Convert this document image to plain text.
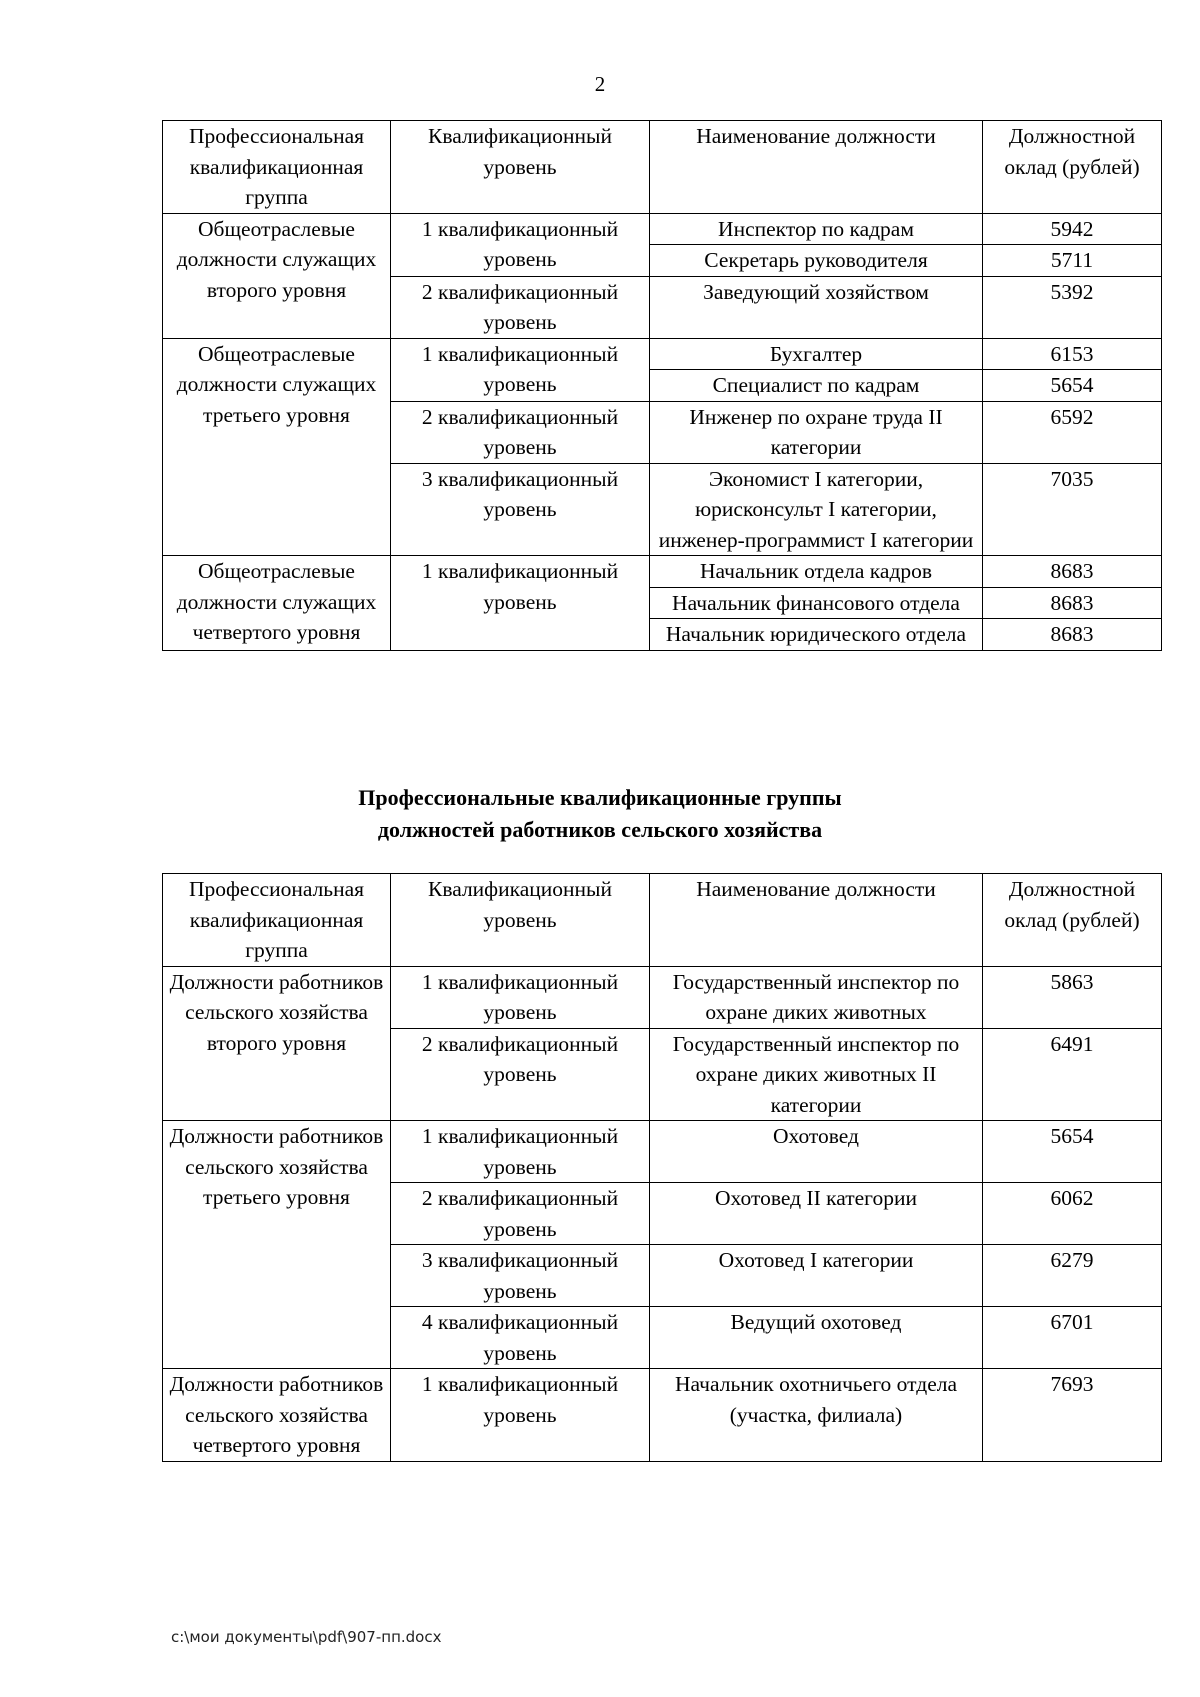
2
Профессиональная квалификационная группа	Квалификационный уровень	Наименование должности	Должностной оклад (рублей)
Общеотраслевые должности служащих второго уровня	1 квалификационный уровень	Инспектор по кадрам	5942
		Секретарь руководителя	5711
	2 квалификационный уровень	Заведующий хозяйством	5392
Общеотраслевые должности служащих третьего уровня	1 квалификационный уровень	Бухгалтер	6153
		Специалист по кадрам	5654
	2 квалификационный уровень	Инженер по охране труда II категории	6592
	3 квалификационный уровень	Экономист I категории, юрисконсульт I категории, инженер-программист I категории	7035
Общеотраслевые должности служащих четвертого уровня	1 квалификационный уровень	Начальник отдела кадров	8683
		Начальник финансового отдела	8683
		Начальник юридического отдела	8683
Профессиональные квалификационные группы
должностей работников сельского хозяйства
Профессиональная квалификационная группа	Квалификационный уровень	Наименование должности	Должностной оклад (рублей)
Должности работников сельского хозяйства второго уровня	1 квалификационный уровень	Государственный инспектор по охране диких животных	5863
	2 квалификационный уровень	Государственный инспектор по охране диких животных II категории	6491
Должности работников сельского хозяйства третьего уровня	1 квалификационный уровень	Охотовед	5654
	2 квалификационный уровень	Охотовед II категории	6062
	3 квалификационный уровень	Охотовед I категории	6279
	4 квалификационный уровень	Ведущий охотовед	6701
Должности работников сельского хозяйства четвертого уровня	1 квалификационный уровень	Начальник охотничьего отдела (участка, филиала)	7693
c:\мои документы\pdf\907-пп.docx
